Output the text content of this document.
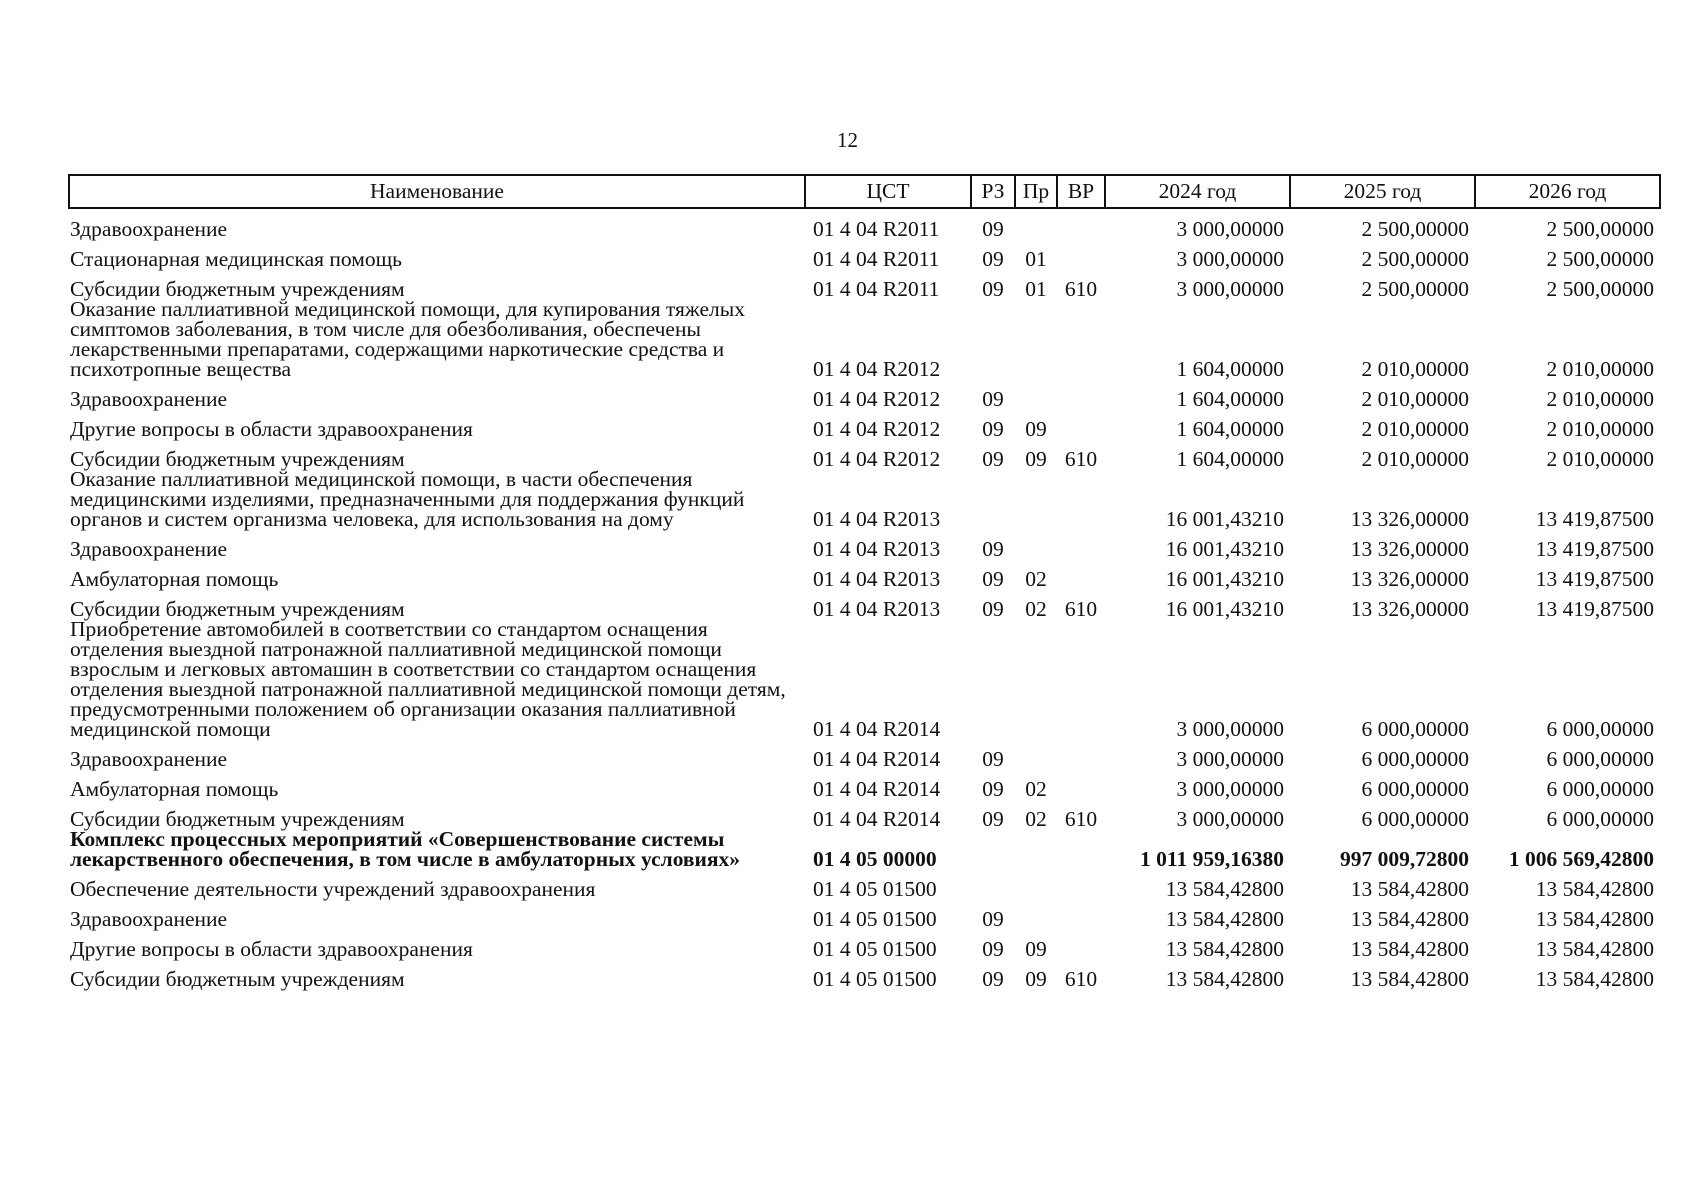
12
Наименование	ЦСТ	РЗ	Пр	ВР	2024 год	2025 год	2026 год
Здравоохранение	01 4 04 R2011	09			3 000,00000	2 500,00000	2 500,00000
Стационарная медицинская помощь	01 4 04 R2011	09	01		3 000,00000	2 500,00000	2 500,00000
Субсидии бюджетным учреждениям	01 4 04 R2011	09	01	610	3 000,00000	2 500,00000	2 500,00000
Оказание паллиативной медицинской помощи, для купирования тяжелых симптомов заболевания, в том числе для обезболивания, обеспечены лекарственными препаратами, содержащими наркотические средства и психотропные вещества	01 4 04 R2012				1 604,00000	2 010,00000	2 010,00000
Здравоохранение	01 4 04 R2012	09			1 604,00000	2 010,00000	2 010,00000
Другие вопросы в области здравоохранения	01 4 04 R2012	09	09		1 604,00000	2 010,00000	2 010,00000
Субсидии бюджетным учреждениям	01 4 04 R2012	09	09	610	1 604,00000	2 010,00000	2 010,00000
Оказание паллиативной медицинской помощи, в части обеспечения медицинскими изделиями, предназначенными для поддержания функций органов и систем организма человека, для использования на дому	01 4 04 R2013				16 001,43210	13 326,00000	13 419,87500
Здравоохранение	01 4 04 R2013	09			16 001,43210	13 326,00000	13 419,87500
Амбулаторная помощь	01 4 04 R2013	09	02		16 001,43210	13 326,00000	13 419,87500
Субсидии бюджетным учреждениям	01 4 04 R2013	09	02	610	16 001,43210	13 326,00000	13 419,87500
Приобретение автомобилей в соответствии со стандартом оснащения отделения выездной патронажной паллиативной медицинской помощи взрослым и легковых автомашин в соответствии со стандартом оснащения отделения выездной патронажной паллиативной медицинской помощи детям, предусмотренными положением об организации оказания паллиативной медицинской помощи	01 4 04 R2014				3 000,00000	6 000,00000	6 000,00000
Здравоохранение	01 4 04 R2014	09			3 000,00000	6 000,00000	6 000,00000
Амбулаторная помощь	01 4 04 R2014	09	02		3 000,00000	6 000,00000	6 000,00000
Субсидии бюджетным учреждениям	01 4 04 R2014	09	02	610	3 000,00000	6 000,00000	6 000,00000
Комплекс процессных мероприятий «Совершенствование системы лекарственного обеспечения, в том числе в амбулаторных условиях»	01 4 05 00000				1 011 959,16380	997 009,72800	1 006 569,42800
Обеспечение деятельности учреждений здравоохранения	01 4 05 01500				13 584,42800	13 584,42800	13 584,42800
Здравоохранение	01 4 05 01500	09			13 584,42800	13 584,42800	13 584,42800
Другие вопросы в области здравоохранения	01 4 05 01500	09	09		13 584,42800	13 584,42800	13 584,42800
Субсидии бюджетным учреждениям	01 4 05 01500	09	09	610	13 584,42800	13 584,42800	13 584,42800
